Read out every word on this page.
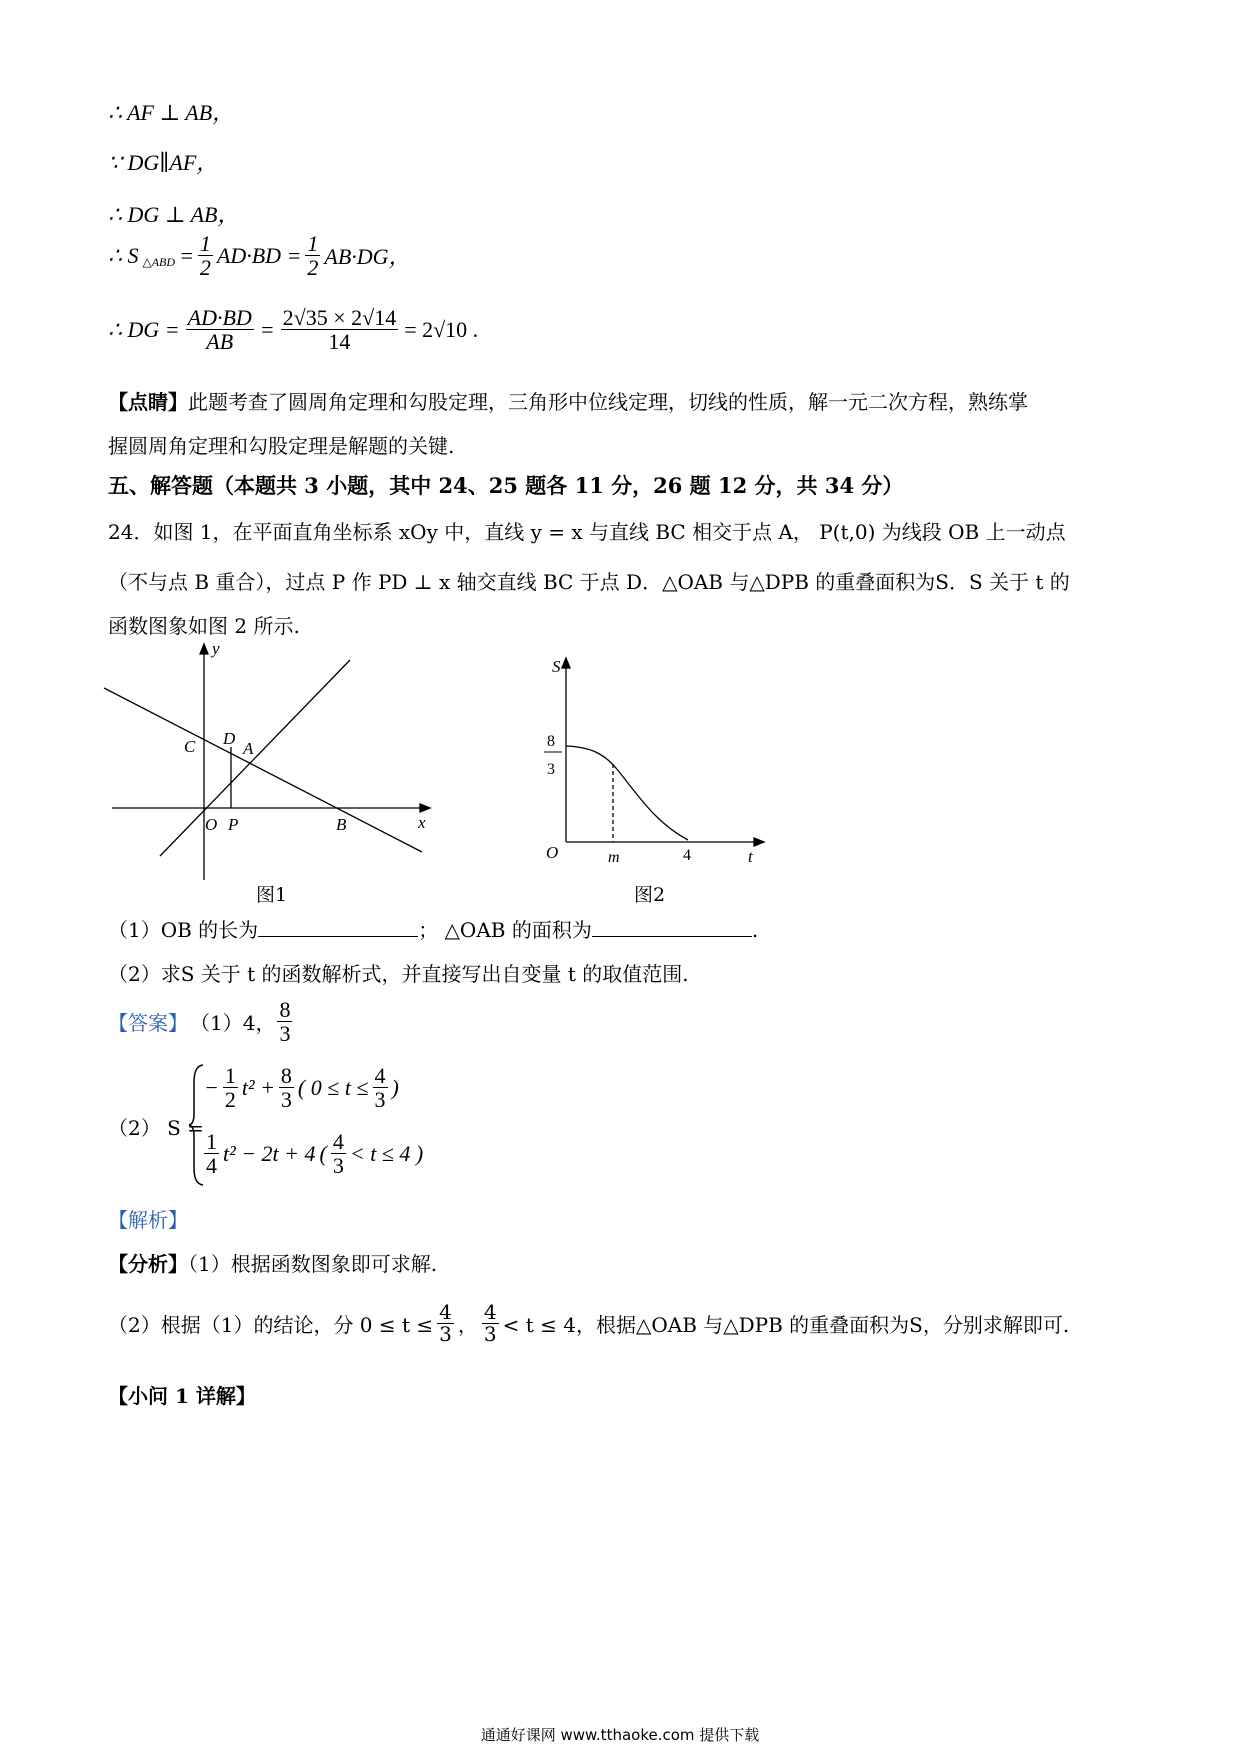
∴ AF ⊥ AB，
∵ DG∥AF，
∴ DG ⊥ AB，
∴ S △ABD = $\frac{1}{2} AD\cdot BD = \frac{1}{2} AB\cdot DG$，
∴ DG = $\frac{AD\cdot BD}{AB} = \frac{2√35 \times 2√14}{14} = 2√10$ .
【点睛】此题考查了圆周角定理和勾股定理，三角形中位线定理，切线的性质，解一元二次方程，熟练掌
握圆周角定理和勾股定理是解题的关键.
五、解答题（本题共 3 小题，其中 24、25 题各 11 分，26 题 12 分，共 34 分）
24．如图 1，在平面直角坐标系 xOy 中，直线 y = x 与直线 BC 相交于点 A， P(t,0) 为线段 OB 上一动点
（不与点 B 重合），过点 P 作 PD ⊥ x 轴交直线 BC 于点 D．△OAB 与△DPB 的重叠面积为S．S 关于 t 的
函数图象如图 2 所示.
y
x
O P	B
C D
A
图1
S
t
O	m	4
8
3
图2
（1）OB 的长为	； △OAB 的面积为	.
（2）求S 关于 t 的函数解析式，并直接写出自变量 t 的取值范围.
【答案】 （1）4， $\frac{8}{3}$
（2） S =
− $\frac{1}{2} t^2 + \frac{8}{3}$ ( $0 \le t \le \frac{4}{3}$ )
$\frac{1}{4} t^2 - 2t + 4$ ( $\frac{4}{3} < t \le 4$ )
【解析】
【分析】（1）根据函数图象即可求解.
（2）根据（1）的结论，分 $0 \le t \le \frac{4}{3}$ ， $\frac{4}{3} < t \le 4$，根据△OAB 与△DPB 的重叠面积为S，分别求解即可.
【小问 1 详解】
通通好课网 www.tthaoke.com 提供下载
